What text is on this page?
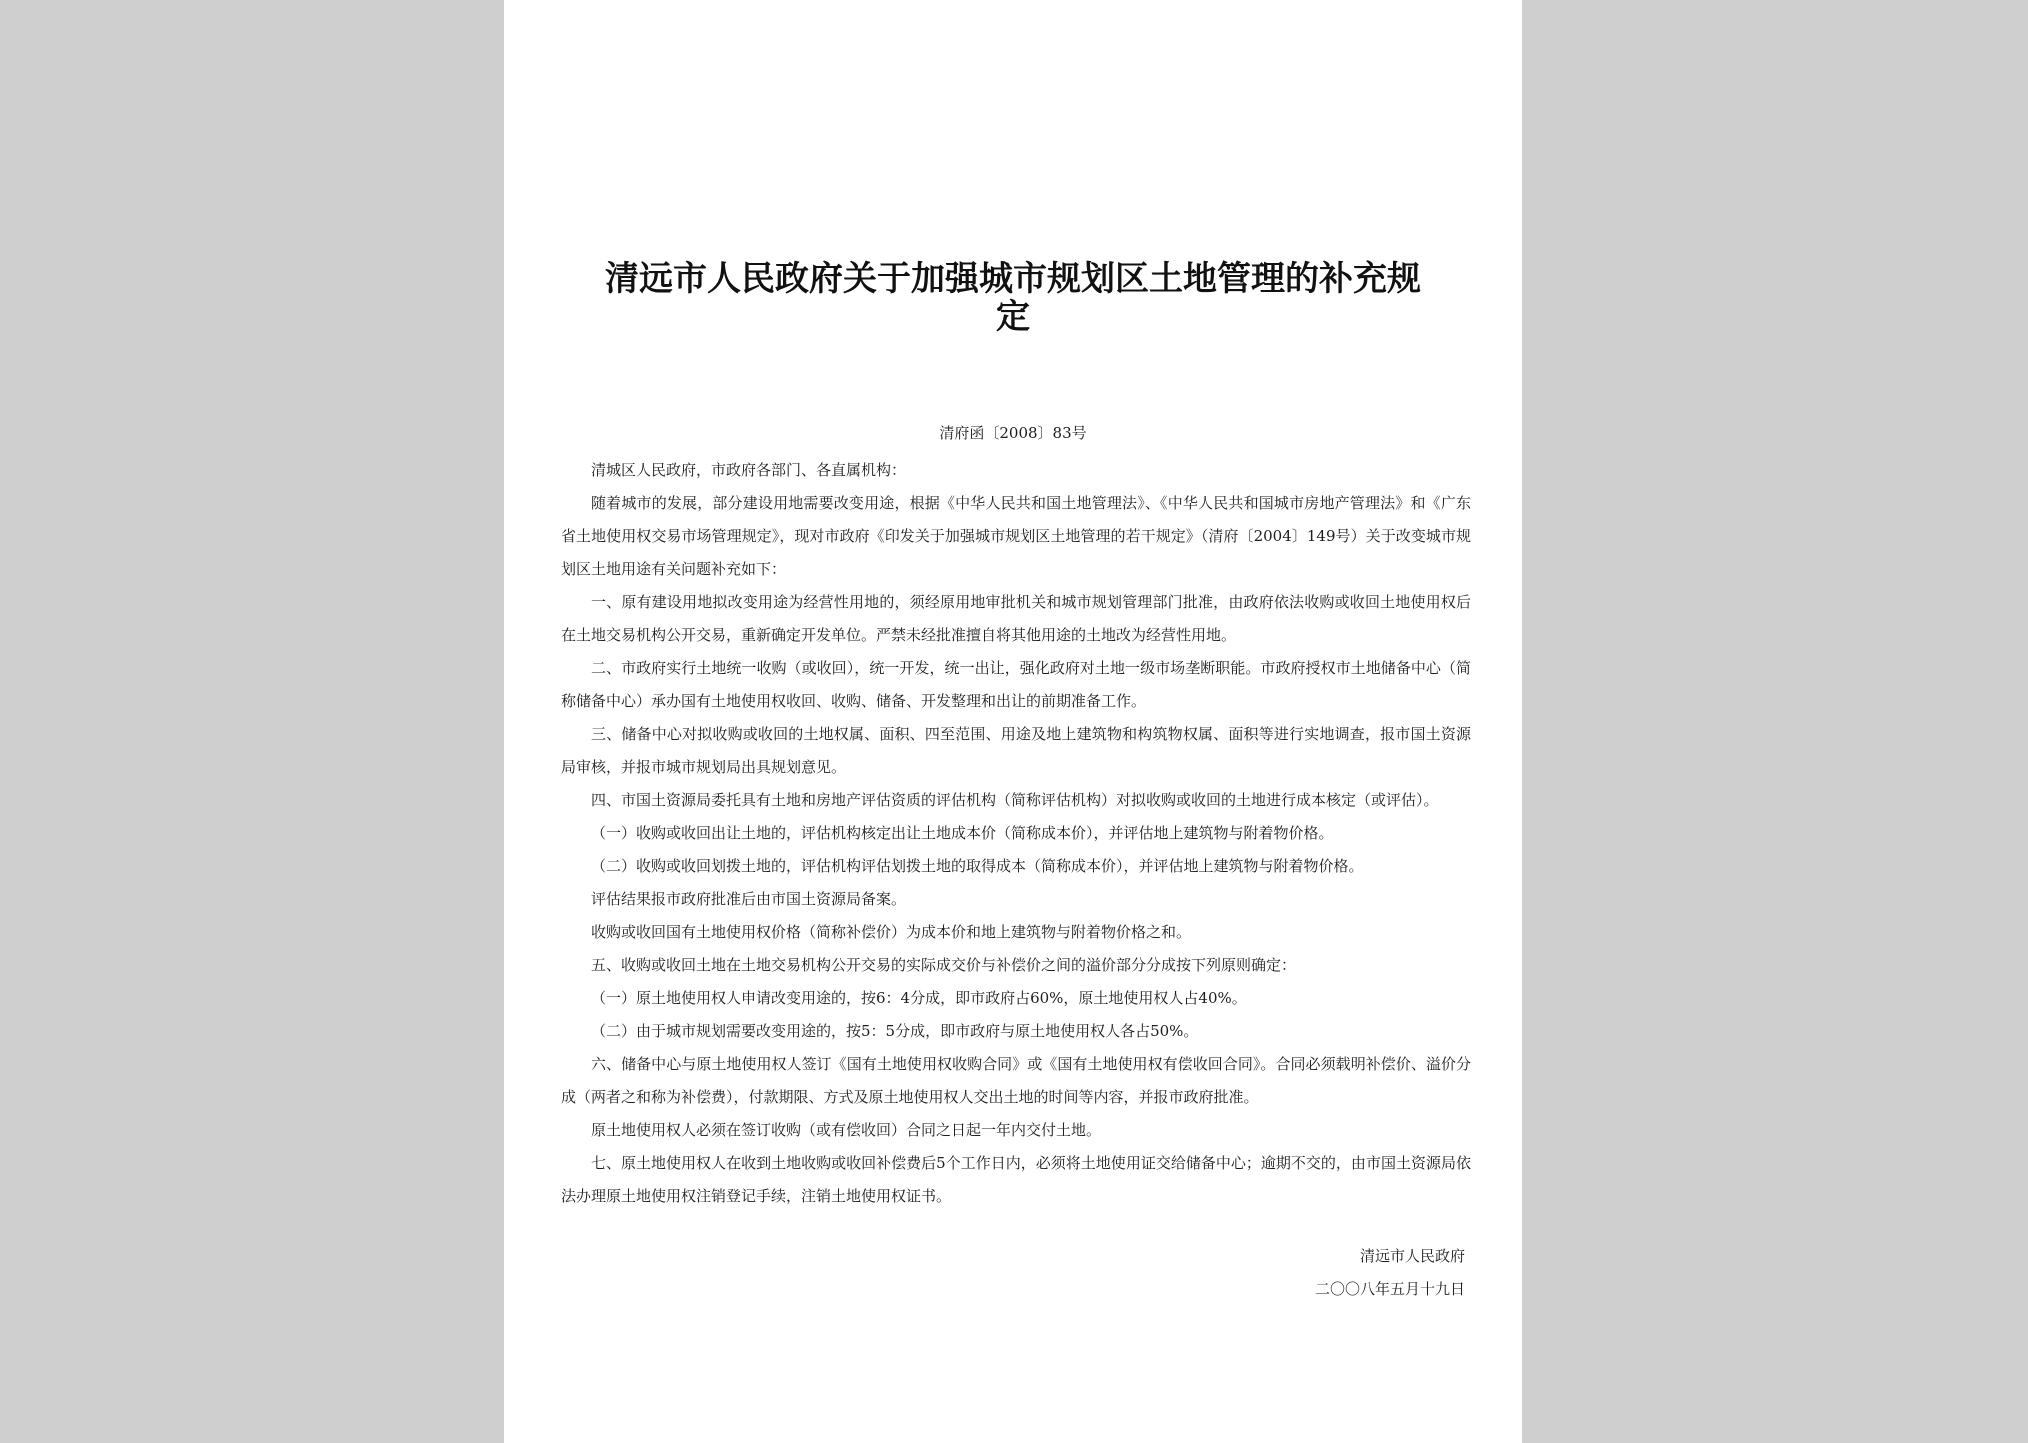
清远市人民政府关于加强城市规划区土地管理的补充规定
清府函〔2008〕83号

清城区人民政府，市政府各部门、各直属机构：

随着城市的发展，部分建设用地需要改变用途，根据《中华人民共和国土地管理法》、《中华人民共和国城市房地产管理法》和《广东省土地使用权交易市场管理规定》，现对市政府《印发关于加强城市规划区土地管理的若干规定》（清府〔2004〕149号）关于改变城市规划区土地用途有关问题补充如下：

一、原有建设用地拟改变用途为经营性用地的，须经原用地审批机关和城市规划管理部门批准，由政府依法收购或收回土地使用权后在土地交易机构公开交易，重新确定开发单位。严禁未经批准擅自将其他用途的土地改为经营性用地。

二、市政府实行土地统一收购（或收回），统一开发，统一出让，强化政府对土地一级市场垄断职能。市政府授权市土地储备中心（简称储备中心）承办国有土地使用权收回、收购、储备、开发整理和出让的前期准备工作。

三、储备中心对拟收购或收回的土地权属、面积、四至范围、用途及地上建筑物和构筑物权属、面积等进行实地调查，报市国土资源局审核，并报市城市规划局出具规划意见。

四、市国土资源局委托具有土地和房地产评估资质的评估机构（简称评估机构）对拟收购或收回的土地进行成本核定（或评估）。

（一）收购或收回出让土地的，评估机构核定出让土地成本价（简称成本价），并评估地上建筑物与附着物价格。

（二）收购或收回划拨土地的，评估机构评估划拨土地的取得成本（简称成本价），并评估地上建筑物与附着物价格。

评估结果报市政府批准后由市国土资源局备案。

收购或收回国有土地使用权价格（简称补偿价）为成本价和地上建筑物与附着物价格之和。

五、收购或收回土地在土地交易机构公开交易的实际成交价与补偿价之间的溢价部分分成按下列原则确定：

（一）原土地使用权人申请改变用途的，按6：4分成，即市政府占60%，原土地使用权人占40%。

（二）由于城市规划需要改变用途的，按5：5分成，即市政府与原土地使用权人各占50%。

六、储备中心与原土地使用权人签订《国有土地使用权收购合同》或《国有土地使用权有偿收回合同》。合同必须载明补偿价、溢价分成（两者之和称为补偿费），付款期限、方式及原土地使用权人交出土地的时间等内容，并报市政府批准。

原土地使用权人必须在签订收购（或有偿收回）合同之日起一年内交付土地。

七、原土地使用权人在收到土地收购或收回补偿费后5个工作日内，必须将土地使用证交给储备中心；逾期不交的，由市国土资源局依法办理原土地使用权注销登记手续，注销土地使用权证书。

清远市人民政府
二〇〇八年五月十九日
